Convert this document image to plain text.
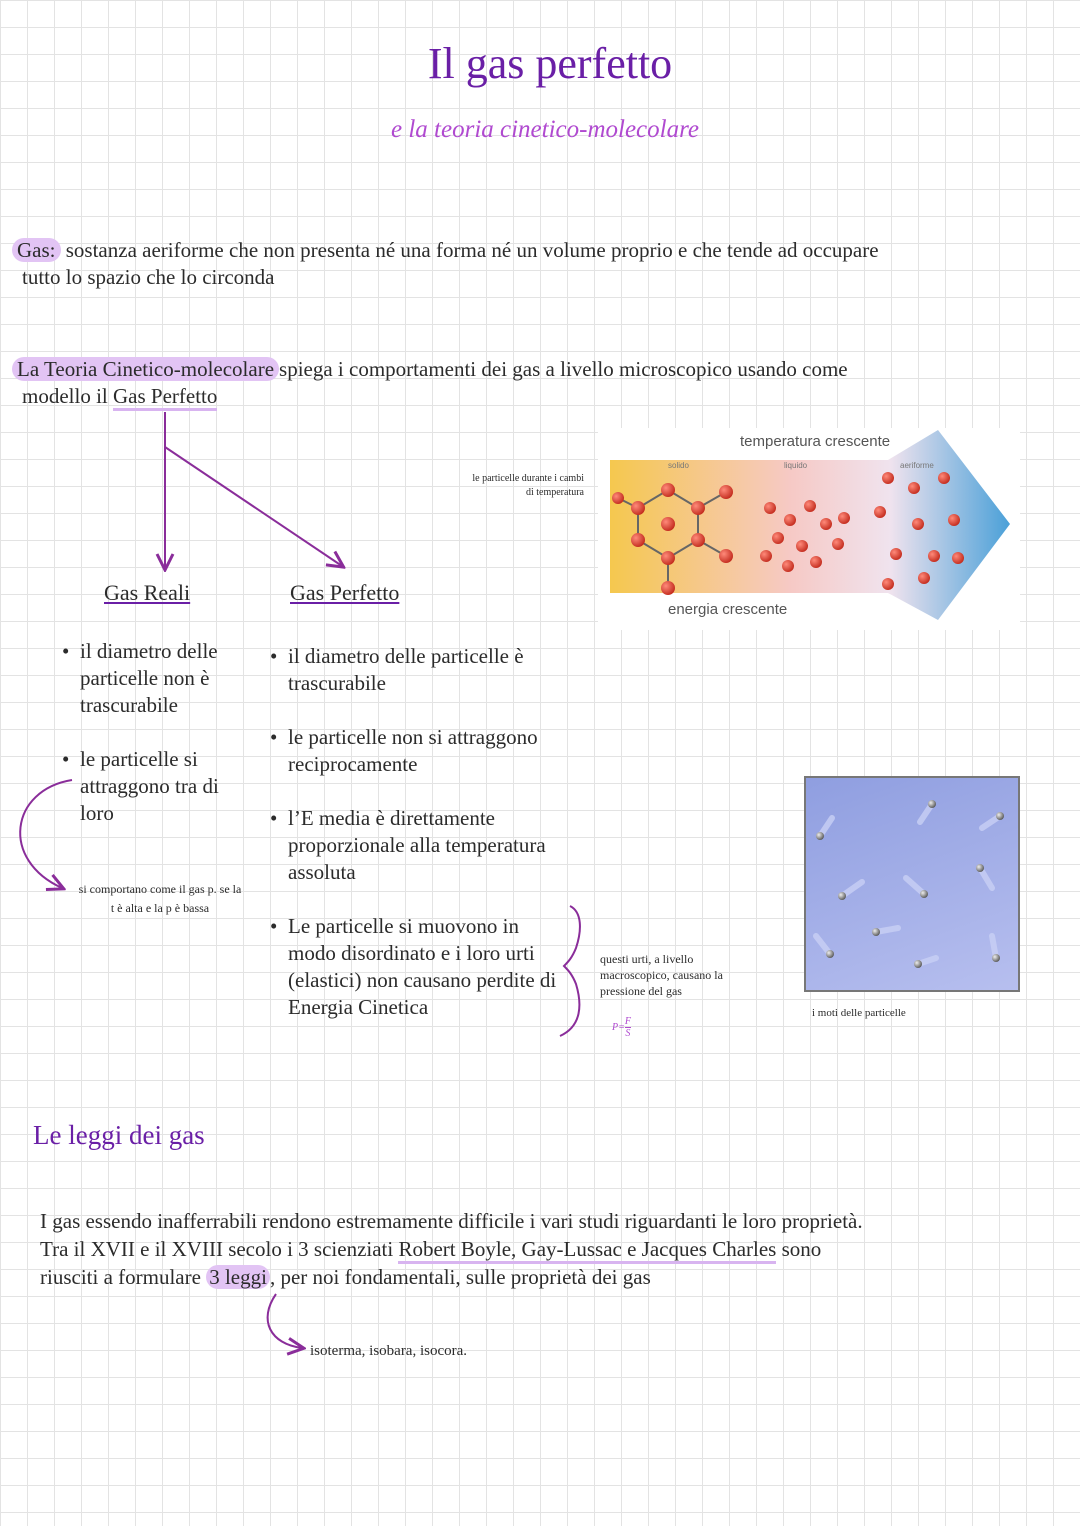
Il gas perfetto
e la teoria cinetico-molecolare
Gas: sostanza aeriforme che non presenta né una forma né un volume proprio e che tende ad occupare
tutto lo spazio che lo circonda
La Teoria Cinetico-molecolare spiega i comportamenti dei gas a livello microscopico usando come
modello il Gas Perfetto
le particelle durante i cambi di temperatura
temperatura crescente
solido	liquido	aeriforme
energia crescente
Gas Reali	Gas Perfetto
• il diametro delle particelle non è trascurabile
• le particelle si attraggono tra di loro
si comportano come il gas p. se la t è alta e la p è bassa
• il diametro delle particelle è trascurabile
• le particelle non si attraggono reciprocamente
• l’E media è direttamente proporzionale alla temperatura assoluta
• Le particelle si muovono in modo disordinato e i loro urti (elastici) non causano perdite di Energia Cinetica
questi urti, a livello macroscopico, causano la pressione del gas
$P= \frac{F}{S}$
i moti delle particelle
Le leggi dei gas
I gas essendo inafferrabili rendono estremamente difficile i vari studi riguardanti le loro proprietà.
Tra il XVII e il XVIII secolo i 3 scienziati Robert Boyle, Gay-Lussac e Jacques Charles sono
riusciti a formulare 3 leggi , per noi fondamentali, sulle proprietà dei gas
isoterma, isobara, isocora.
